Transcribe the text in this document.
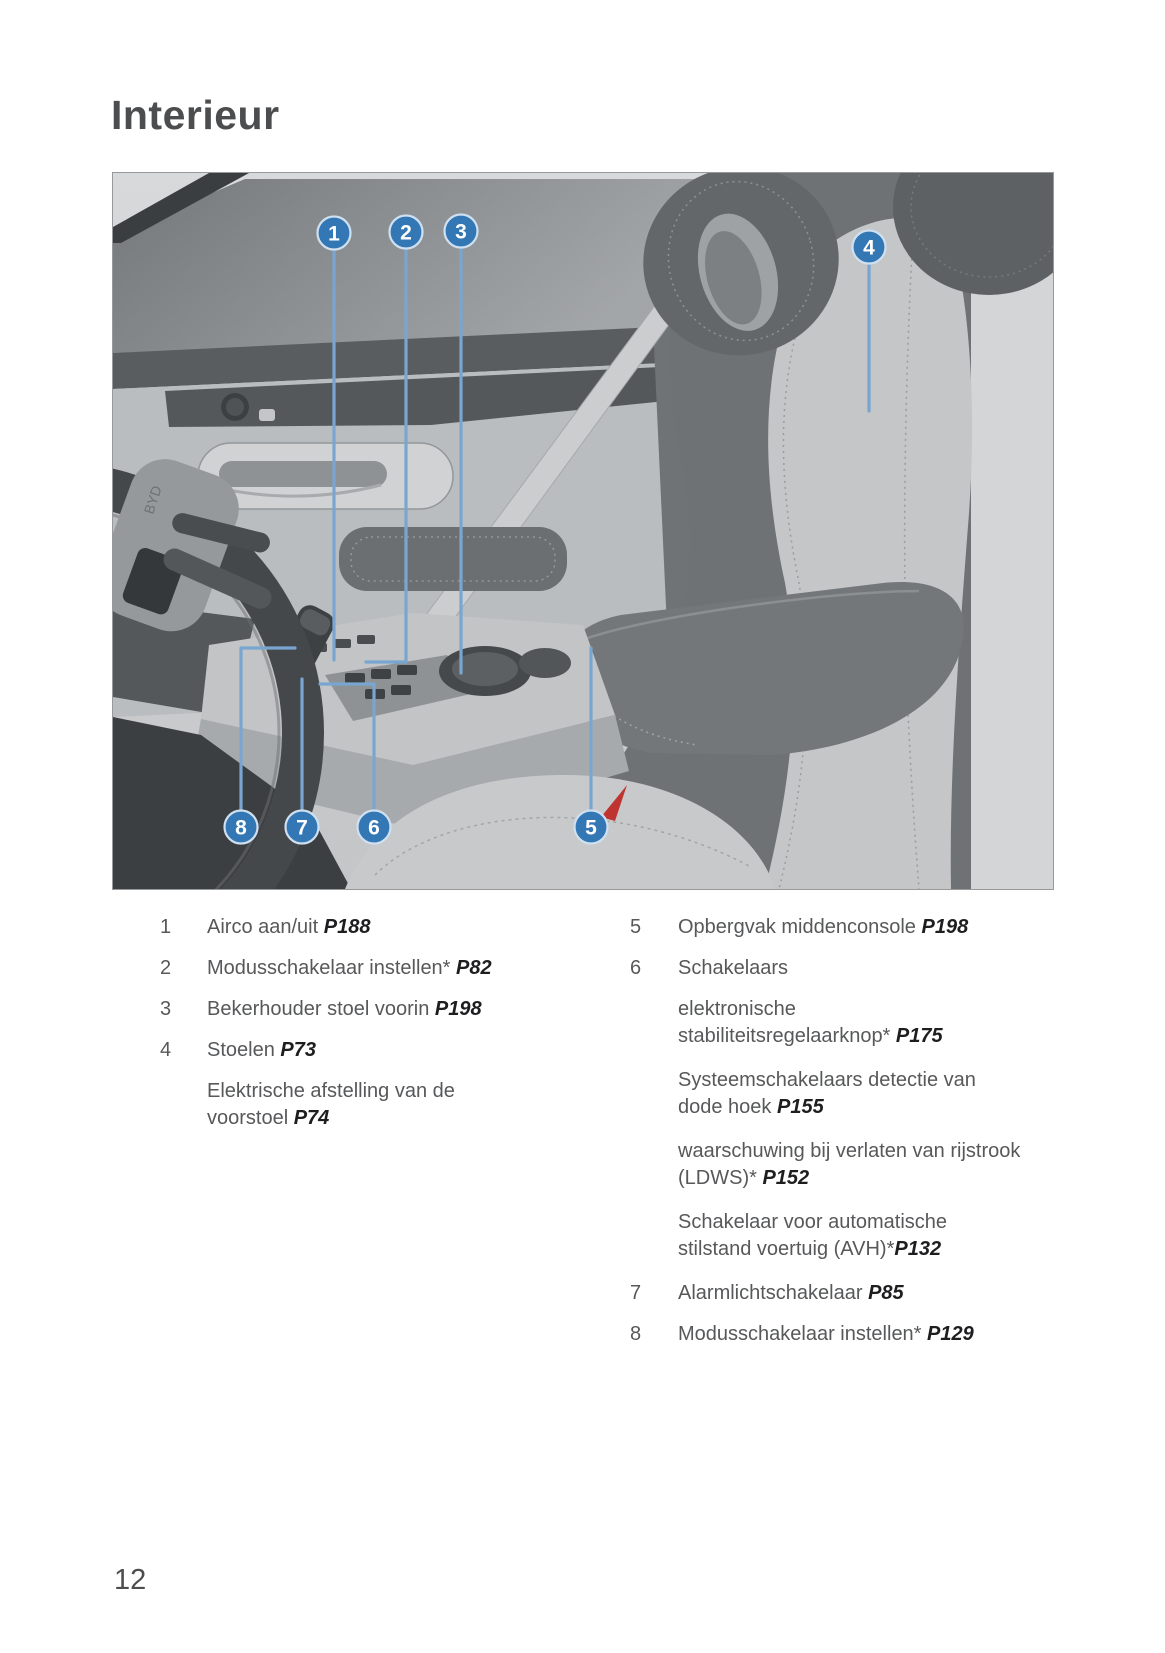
Interieur
BYD
1	2 3
4
5
6
7
8
1	Airco aan/uit P188
2	Modusschakelaar instellen* P82
3	Bekerhouder stoel voorin P198
4	Stoelen P73
Elektrische afstelling van de
voorstoel P74
5	Opbergvak middenconsole P198
6	Schakelaars
elektronische
stabiliteitsregelaarknop* P175
Systeemschakelaars detectie van
dode hoek P155
waarschuwing bij verlaten van rijstrook
(LDWS)* P152
Schakelaar voor automatische
stilstand voertuig (AVH)*P132
7	Alarmlichtschakelaar P85
8	Modusschakelaar instellen* P129
12
